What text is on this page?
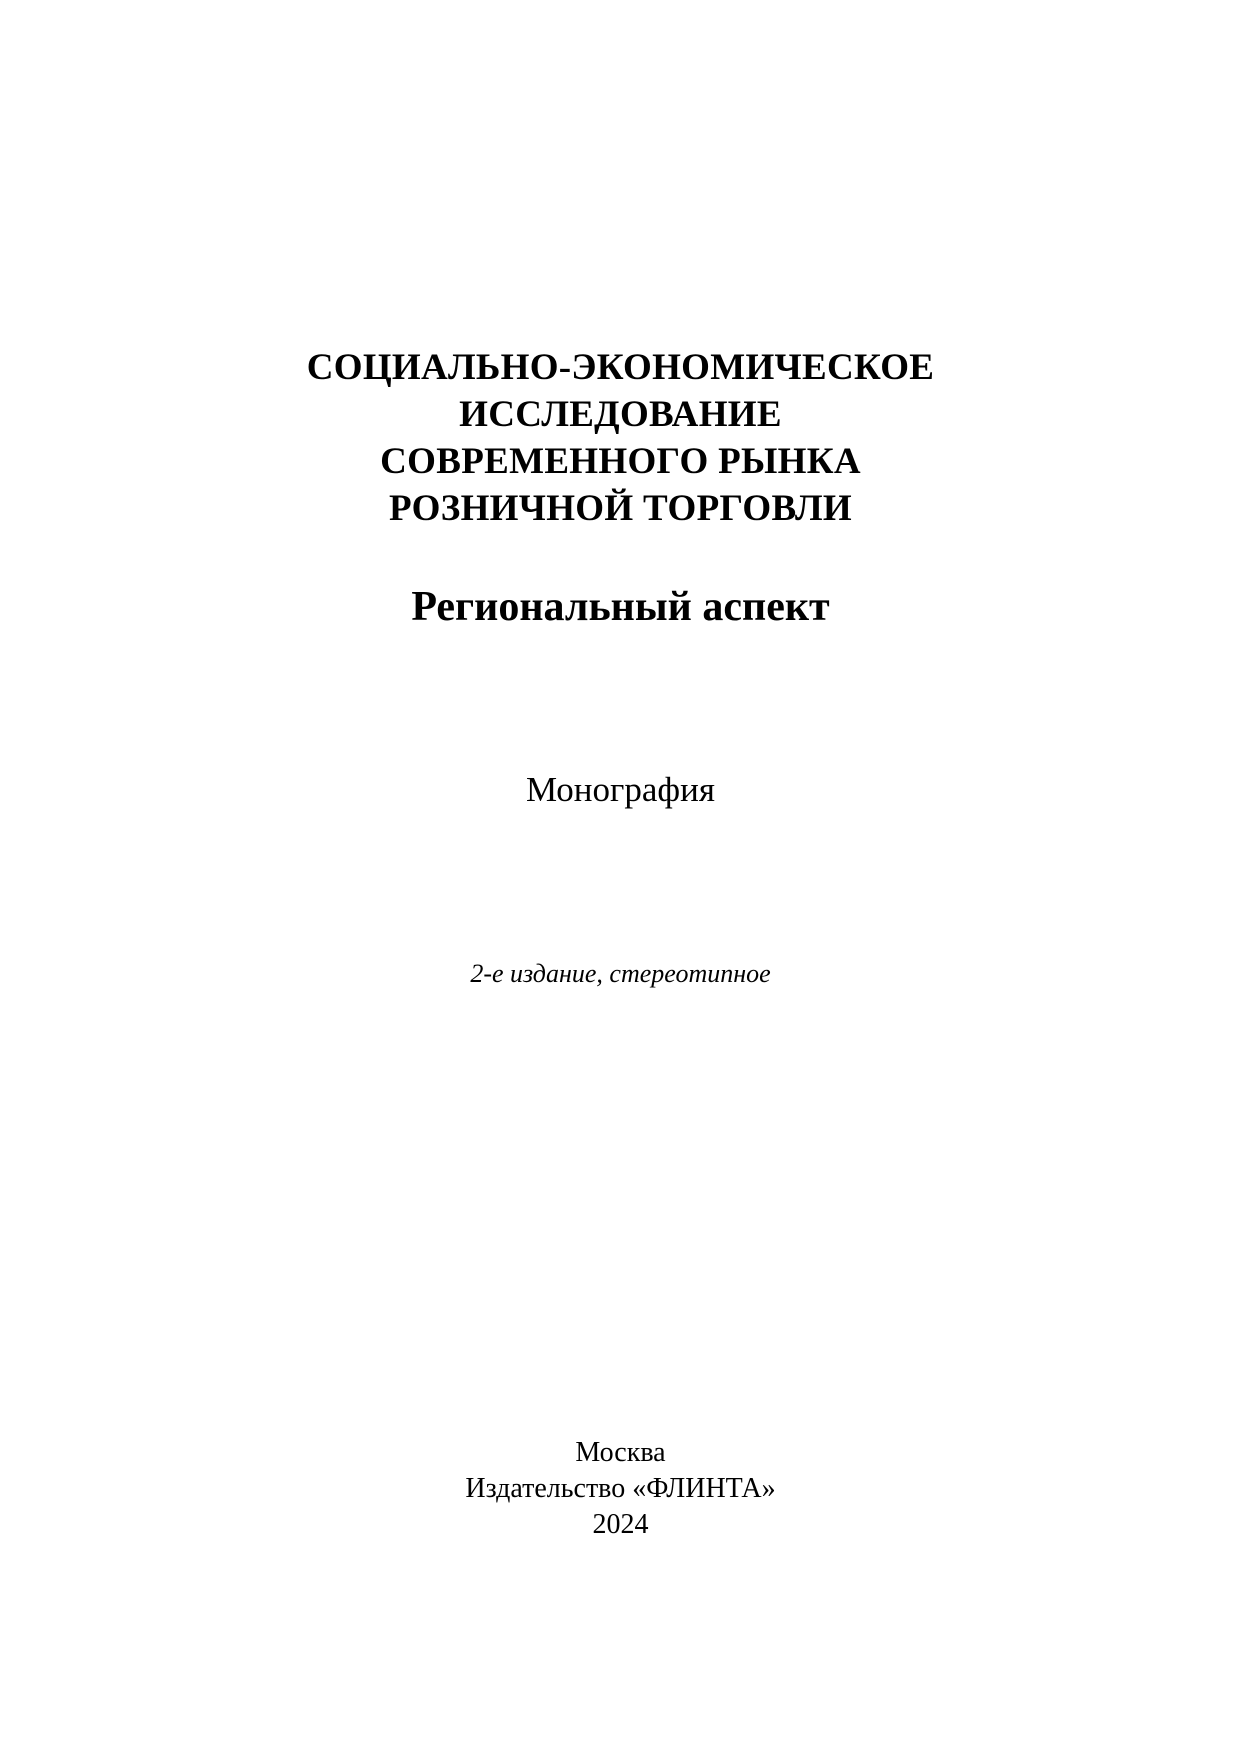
СОЦИАЛЬНО-ЭКОНОМИЧЕСКОЕ
ИССЛЕДОВАНИЕ
СОВРЕМЕННОГО РЫНКА
РОЗНИЧНОЙ ТОРГОВЛИ
Региональный аспект
Монография
2-е издание, стереотипное
Москва
Издательство «ФЛИНТА»
2024
